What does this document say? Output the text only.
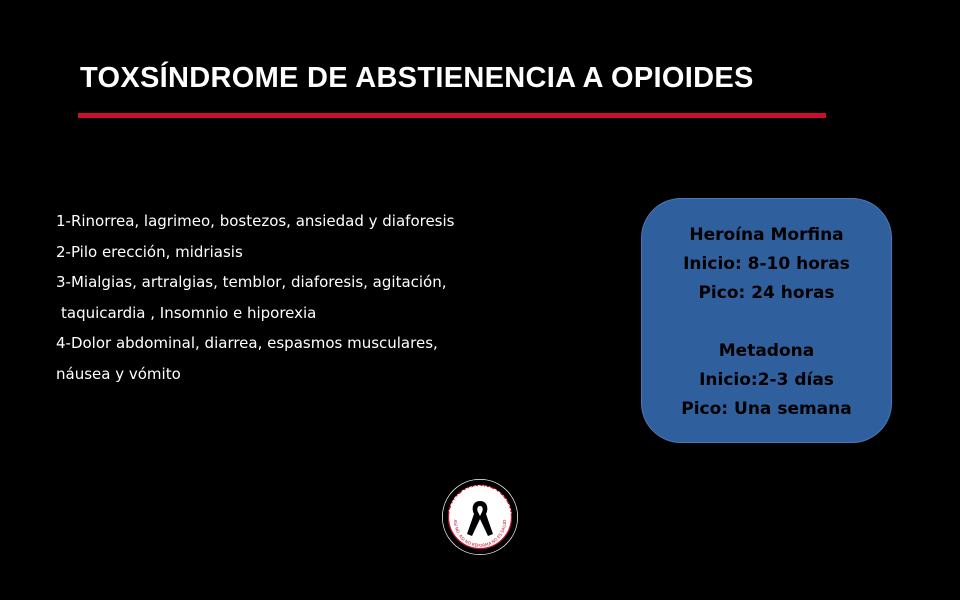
TOXSÍNDROME DE ABSTIENENCIA A OPIOIDES
1-Rinorrea, lagrimeo, bostezos, ansiedad y diaforesis
2-Pilo erección, midriasis
3-Mialgias, artralgias, temblor, diaforesis, agitación,
taquicardia , Insomnio e hiporexia
4-Dolor abdominal, diarrea, espasmos musculares,
náusea y vómito
Heroína Morfina
Inicio: 8-10 horas
Pico: 24 horas
Metadona
Inicio:2-3 días
Pico: Una semana
A ESTA REFORMA DE LA SAL
ASI NO, ASI NO REFORMA NO ES SALUD
